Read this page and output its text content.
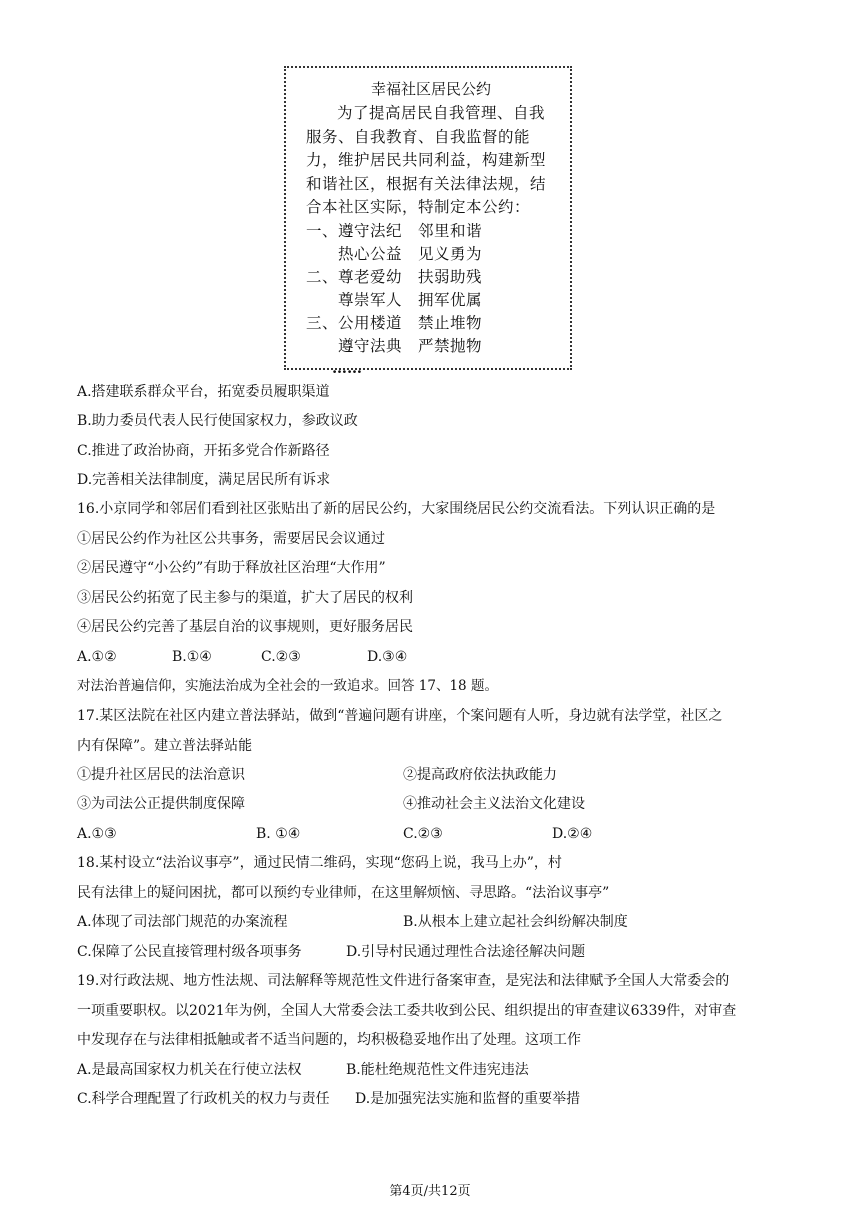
幸福社区居民公约
为了提高居民自我管理、自我服务、自我教育、自我监督的能力，维护居民共同利益，构建新型和谐社区，根据有关法律法规，结合本社区实际，特制定本公约：
一、遵守法纪　邻里和谐
　　热心公益　见义勇为
二、尊老爱幼　扶弱助残
　　尊崇军人　拥军优属
三、公用楼道　禁止堆物
　　遵守法典　严禁抛物
……
A.搭建联系群众平台，拓宽委员履职渠道
B.助力委员代表人民行使国家权力，参政议政
C.推进了政治协商，开拓多党合作新路径
D.完善相关法律制度，满足居民所有诉求
16.小京同学和邻居们看到社区张贴出了新的居民公约，大家围绕居民公约交流看法。下列认识正确的是
①居民公约作为社区公共事务，需要居民会议通过
②居民遵守“小公约”有助于释放社区治理“大作用”
③居民公约拓宽了民主参与的渠道，扩大了居民的权利
④居民公约完善了基层自治的议事规则，更好服务居民
A.①②	B.①④	C.②③	D.③④
对法治普遍信仰，实施法治成为全社会的一致追求。回答 17、18 题。
17.某区法院在社区内建立普法驿站，做到“普遍问题有讲座，个案问题有人听，身边就有法学堂，社区之
内有保障”。建立普法驿站能
①提升社区居民的法治意识	②提高政府依法执政能力
③为司法公正提供制度保障	④推动社会主义法治文化建设
A.①③	B. ①④	C.②③	D.②④
18.某村设立“法治议事亭”，通过民情二维码，实现“您码上说，我马上办”，村
民有法律上的疑问困扰，都可以预约专业律师，在这里解烦恼、寻思路。“法治议事亭”
A.体现了司法部门规范的办案流程	B.从根本上建立起社会纠纷解决制度
C.保障了公民直接管理村级各项事务	D.引导村民通过理性合法途径解决问题
19.对行政法规、地方性法规、司法解释等规范性文件进行备案审查，是宪法和法律赋予全国人大常委会的
一项重要职权。以2021年为例，全国人大常委会法工委共收到公民、组织提出的审查建议6339件，对审查
中发现存在与法律相抵触或者不适当问题的，均积极稳妥地作出了处理。这项工作
A.是最高国家权力机关在行使立法权	B.能杜绝规范性文件违宪违法
C.科学合理配置了行政机关的权力与责任 D.是加强宪法实施和监督的重要举措
第4页/共12页
